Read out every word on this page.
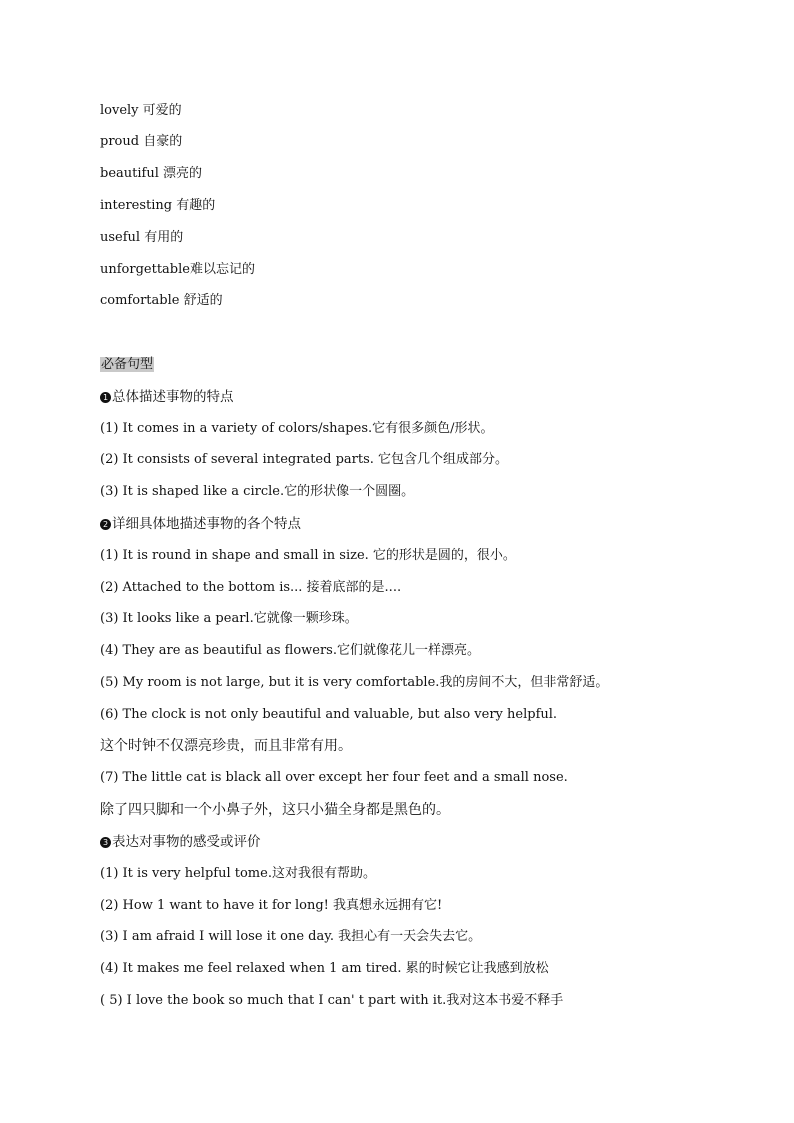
lovely 可爱的
proud 自豪的
beautiful 漂亮的
interesting 有趣的
useful 有用的
unforgettable难以忘记的
comfortable 舒适的
必备句型
1 总体描述事物的特点
(1) It comes in a variety of colors/shapes.它有很多颜色/形状。
(2) It consists of several integrated parts. 它包含几个组成部分。
(3) It is shaped like a circle.它的形状像一个圆圈。
2 详细具体地描述事物的各个特点
(1) It is round in shape and small in size. 它的形状是圆的，很小。
(2) Attached to the bottom is... 接着底部的是....
(3) It looks like a pearl.它就像一颗珍珠。
(4) They are as beautiful as flowers.它们就像花儿一样漂亮。
(5) My room is not large, but it is very comfortable.我的房间不大，但非常舒适。
(6) The clock is not only beautiful and valuable, but also very helpful.
这个时钟不仅漂亮珍贵，而且非常有用。
(7) The little cat is black all over except her four feet and a small nose.
除了四只脚和一个小鼻子外，这只小猫全身都是黑色的。
3 表达对事物的感受或评价
(1) It is very helpful tome.这对我很有帮助。
(2) How 1 want to have it for long! 我真想永远拥有它!
(3) I am afraid I will lose it one day. 我担心有一天会失去它。
(4) It makes me feel relaxed when 1 am tired. 累的时候它让我感到放松
( 5) I love the book so much that I can' t part with it.我对这本书爱不释手
